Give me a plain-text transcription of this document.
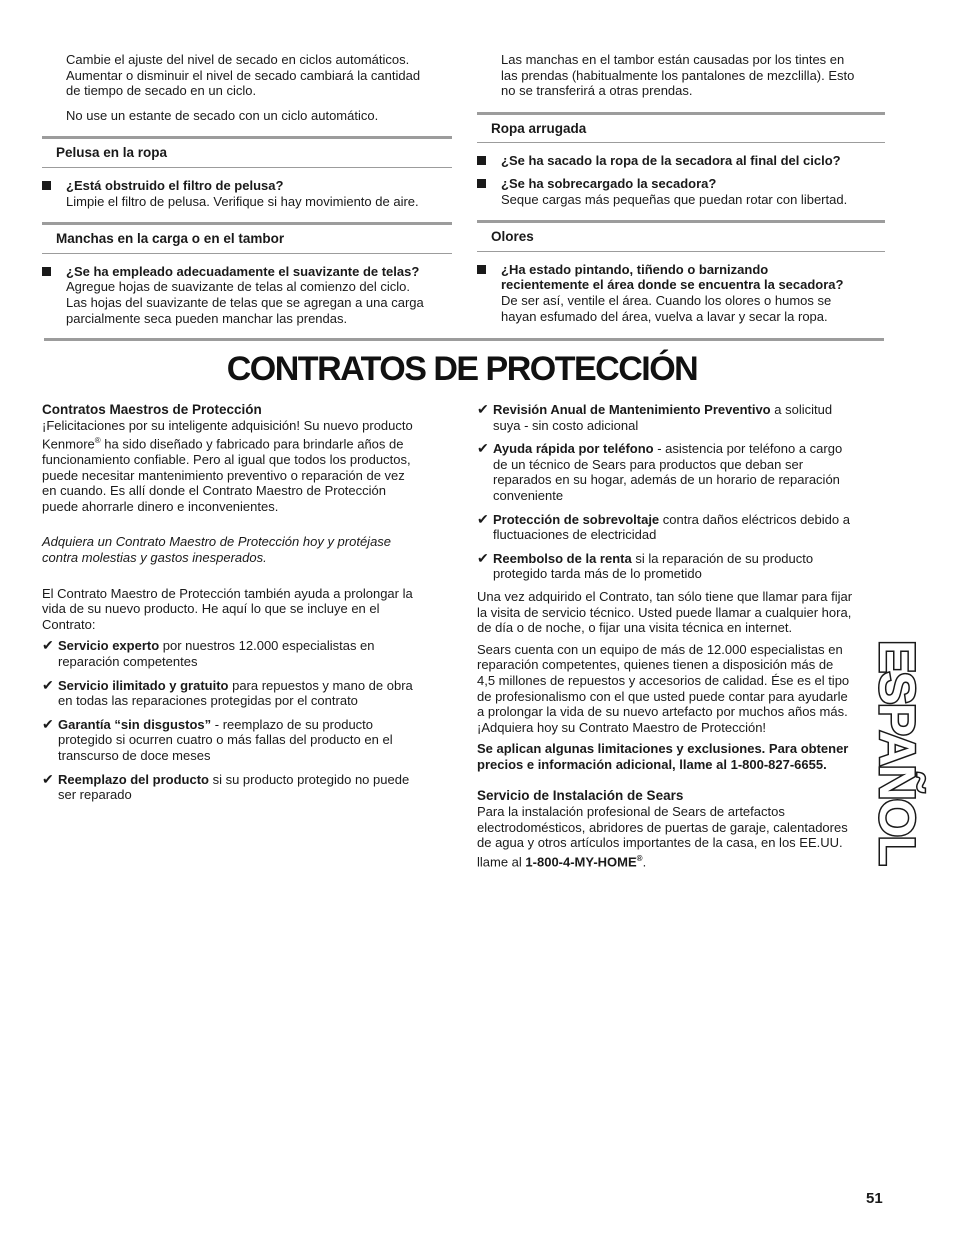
Cambie el ajuste del nivel de secado en ciclos automáticos.

Aumentar o disminuir el nivel de secado cambiará la cantidad

de tiempo de secado en un ciclo.

No use un estante de secado con un ciclo automático.

Pelusa en la ropa

¿Está obstruido el filtro de pelusa?

Limpie el filtro de pelusa. Verifique si hay movimiento de aire.

Manchas en la carga o en el tambor

¿Se ha empleado adecuadamente el suavizante de telas?

Agregue hojas de suavizante de telas al comienzo del ciclo.

Las hojas del suavizante de telas que se agregan a una carga

parcialmente seca pueden manchar las prendas.

Las manchas en el tambor están causadas por los tintes en

las prendas (habitualmente los pantalones de mezclilla). Esto

no se transferirá a otras prendas.

Ropa arrugada

¿Se ha sacado la ropa de la secadora al final del ciclo?

¿Se ha sobrecargado la secadora?

Seque cargas más pequeñas que puedan rotar con libertad.

Olores

¿Ha estado pintando, tiñendo o barnizando

recientemente el área donde se encuentra la secadora?

De ser así, ventile el área. Cuando los olores o humos se

hayan esfumado del área, vuelva a lavar y secar la ropa.

CONTRATOS DE PROTECCIÓN

Contratos Maestros de Protección

¡Felicitaciones por su inteligente adquisición! Su nuevo producto

Kenmore® ha sido diseñado y fabricado para brindarle años de

funcionamiento confiable. Pero al igual que todos los productos,

puede necesitar mantenimiento preventivo o reparación de vez

en cuando. Es allí donde el Contrato Maestro de Protección

puede ahorrarle dinero e inconvenientes.

Adquiera un Contrato Maestro de Protección hoy y protéjase

contra molestias y gastos inesperados.

El Contrato Maestro de Protección también ayuda a prolongar la

vida de su nuevo producto. He aquí lo que se incluye en el

Contrato:

✔ Servicio experto por nuestros 12.000 especialistas en

reparación competentes

✔ Servicio ilimitado y gratuito para repuestos y mano de obra

en todas las reparaciones protegidas por el contrato

✔ Garantía “sin disgustos” - reemplazo de su producto

protegido si ocurren cuatro o más fallas del producto en el

transcurso de doce meses

✔ Reemplazo del producto si su producto protegido no puede

ser reparado

✔ Revisión Anual de Mantenimiento Preventivo a solicitud

suya - sin costo adicional

✔ Ayuda rápida por teléfono - asistencia por teléfono a cargo

de un técnico de Sears para productos que deban ser

reparados en su hogar, además de un horario de reparación

conveniente

✔ Protección de sobrevoltaje contra daños eléctricos debido a

fluctuaciones de electricidad

✔ Reembolso de la renta si la reparación de su producto

protegido tarda más de lo prometido

Una vez adquirido el Contrato, tan sólo tiene que llamar para fijar

la visita de servicio técnico. Usted puede llamar a cualquier hora,

de día o de noche, o fijar una visita técnica en internet.

Sears cuenta con un equipo de más de 12.000 especialistas en

reparación competentes, quienes tienen a disposición más de

4,5 millones de repuestos y accesorios de calidad. Ése es el tipo

de profesionalismo con el que usted puede contar para ayudarle

a prolongar la vida de su nuevo artefacto por muchos años más.

¡Adquiera hoy su Contrato Maestro de Protección!

Se aplican algunas limitaciones y exclusiones. Para obtener

precios e información adicional, llame al 1-800-827-6655.

Servicio de Instalación de Sears

Para la instalación profesional de Sears de artefactos

electrodomésticos, abridores de puertas de garaje, calentadores

de agua y otros artículos importantes de la casa, en los EE.UU.

llame al 1-800-4-MY-HOME®.	ESPAÑOL
51
